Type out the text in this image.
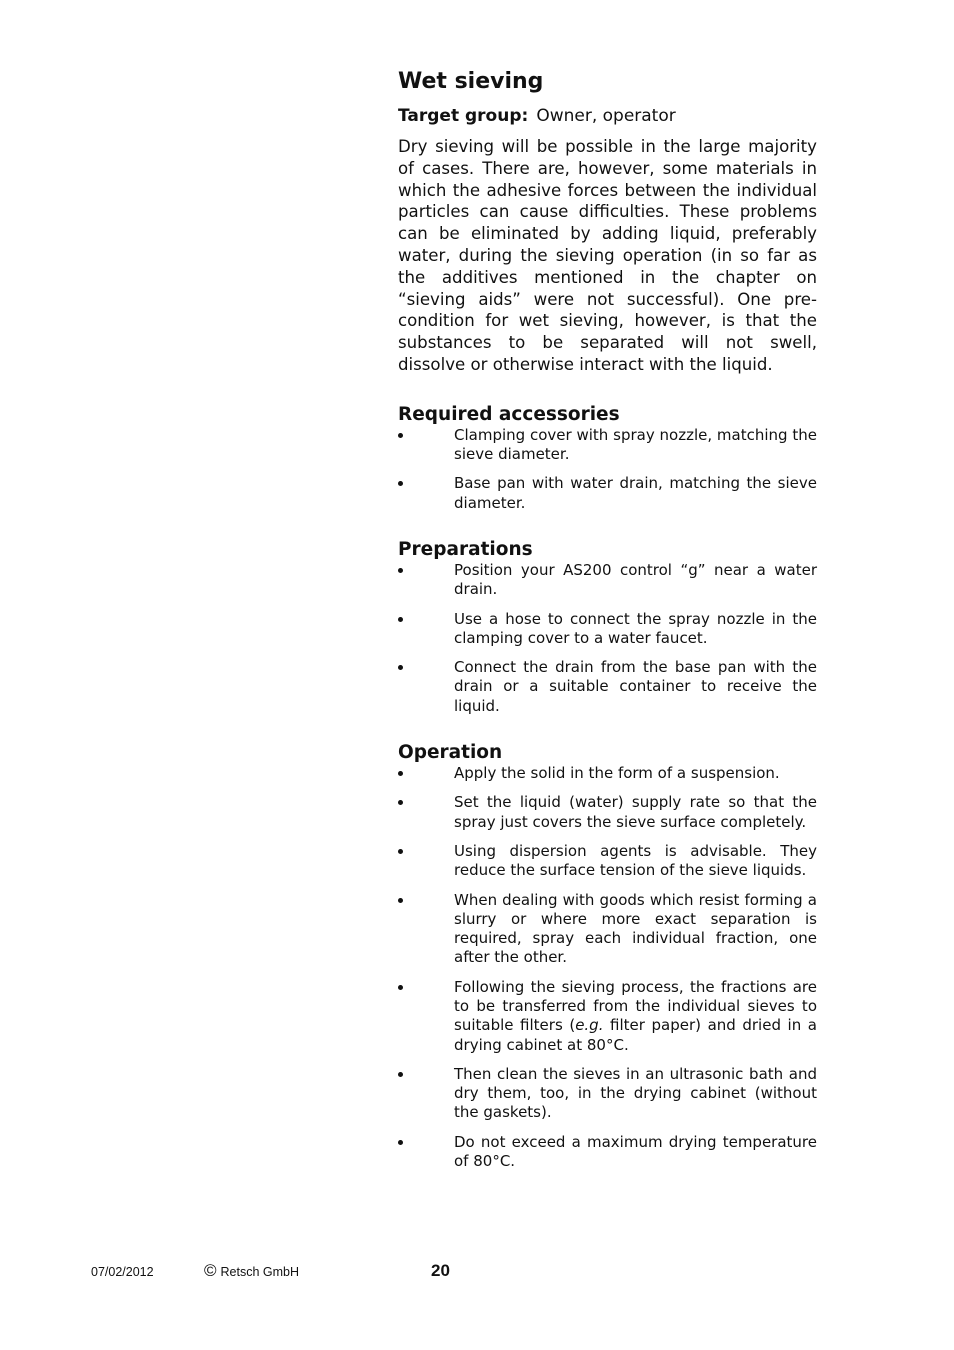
Wet sieving

Target group: Owner, operator

Dry sieving will be possible in the large majority of cases. There are, however, some materials in which the adhesive forces between the individual particles can cause difficulties. These problems can be eliminated by adding liquid, preferably water, during the sieving operation (in so far as the additives mentioned in the chapter on “sieving aids” were not successful). One pre-condition for wet sieving, however, is that the substances to be separated will not swell, dissolve or otherwise interact with the liquid.

Required accessories
Clamping cover with spray nozzle, matching the sieve diameter.
Base pan with water drain, matching the sieve diameter.
Preparations
Position your AS200 control “g” near a water drain.
Use a hose to connect the spray nozzle in the clamping cover to a water faucet.
Connect the drain from the base pan with the drain or a suitable container to receive the liquid.
Operation
Apply the solid in the form of a suspension.
Set the liquid (water) supply rate so that the spray just covers the sieve surface completely.
Using dispersion agents is advisable. They reduce the surface tension of the sieve liquids.
When dealing with goods which resist forming a slurry or where more exact separation is required, spray each individual fraction, one after the other.
Following the sieving process, the fractions are to be transferred from the individual sieves to suitable filters (e.g. filter paper) and dried in a drying cabinet at 80°C.
Then clean the sieves in an ultrasonic bath and dry them, too, in the drying cabinet (without the gaskets).
Do not exceed a maximum drying temperature of 80°C.
07/02/2012	© Retsch GmbH	20
